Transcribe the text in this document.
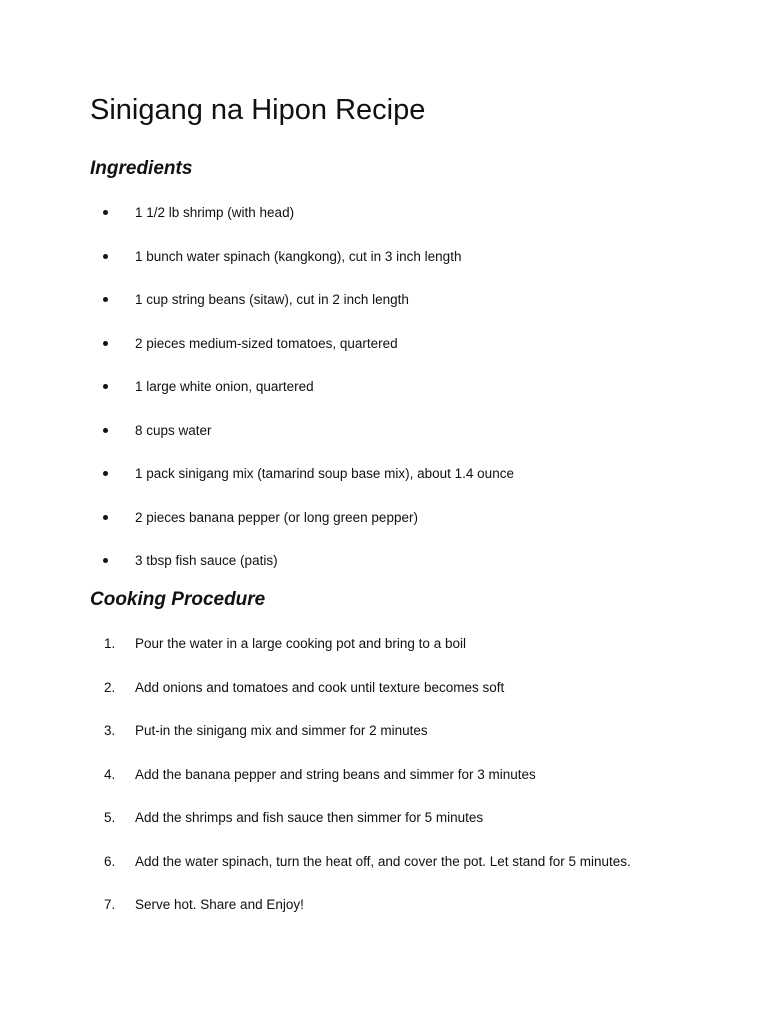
Sinigang na Hipon Recipe
Ingredients
1 1/2 lb shrimp (with head)
1 bunch water spinach (kangkong), cut in 3 inch length
1 cup string beans (sitaw), cut in 2 inch length
2 pieces medium-sized tomatoes, quartered
1 large white onion, quartered
8 cups water
1 pack sinigang mix (tamarind soup base mix), about 1.4 ounce
2 pieces banana pepper (or long green pepper)
3 tbsp fish sauce (patis)
Cooking Procedure
1. Pour the water in a large cooking pot and bring to a boil
2. Add onions and tomatoes and cook until texture becomes soft
3. Put-in the sinigang mix and simmer for 2 minutes
4. Add the banana pepper and string beans and simmer for 3 minutes
5. Add the shrimps and fish sauce then simmer for 5 minutes
6. Add the water spinach, turn the heat off, and cover the pot. Let stand for 5 minutes.
7. Serve hot. Share and Enjoy!
